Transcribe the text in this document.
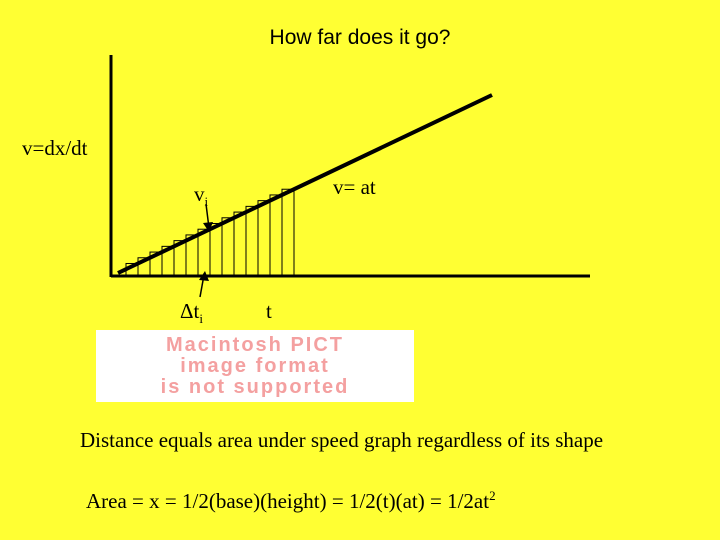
How far does it go?
v=dx/dt
v= at
$v_i$
$\Delta t_i$	t
Macintosh PICT
image format
is not supported
Distance equals area under speed graph regardless of its shape
Area = x = 1/2(base)(height) = $1/2(t)(at) = 1/2at^2$
